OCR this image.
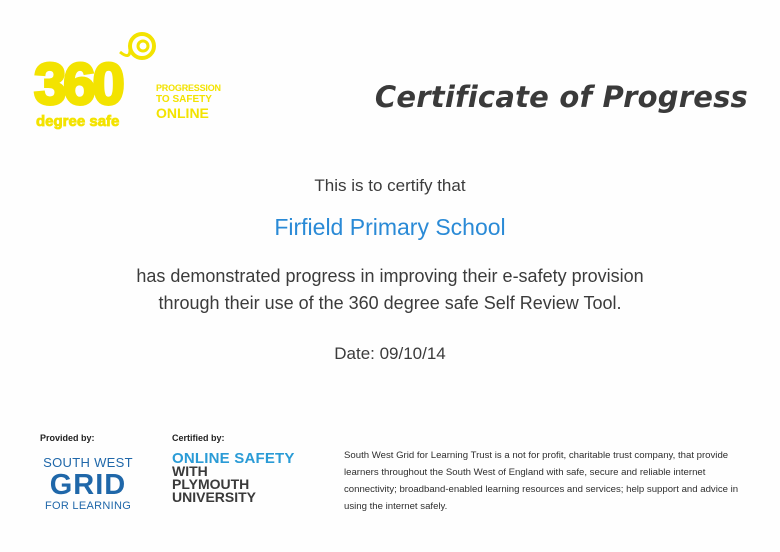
360
degree safe
PROGRESSION
TO SAFETY
ONLINE	Certificate of Progress
This is to certify that
Firfield Primary School
has demonstrated progress in improving their e-safety provision
through their use of the 360 degree safe Self Review Tool.
Date: 09/10/14
Provided by:	Certified by:
SOUTH WEST
GRID
FOR LEARNING
ONLINE SAFETY
WITH
PLYMOUTH
UNIVERSITY
South West Grid for Learning Trust is a not for profit, charitable trust company, that provide learners throughout the South West of England with safe, secure and reliable internet connectivity; broadband-enabled learning resources and services; help support and advice in using the internet safely.
